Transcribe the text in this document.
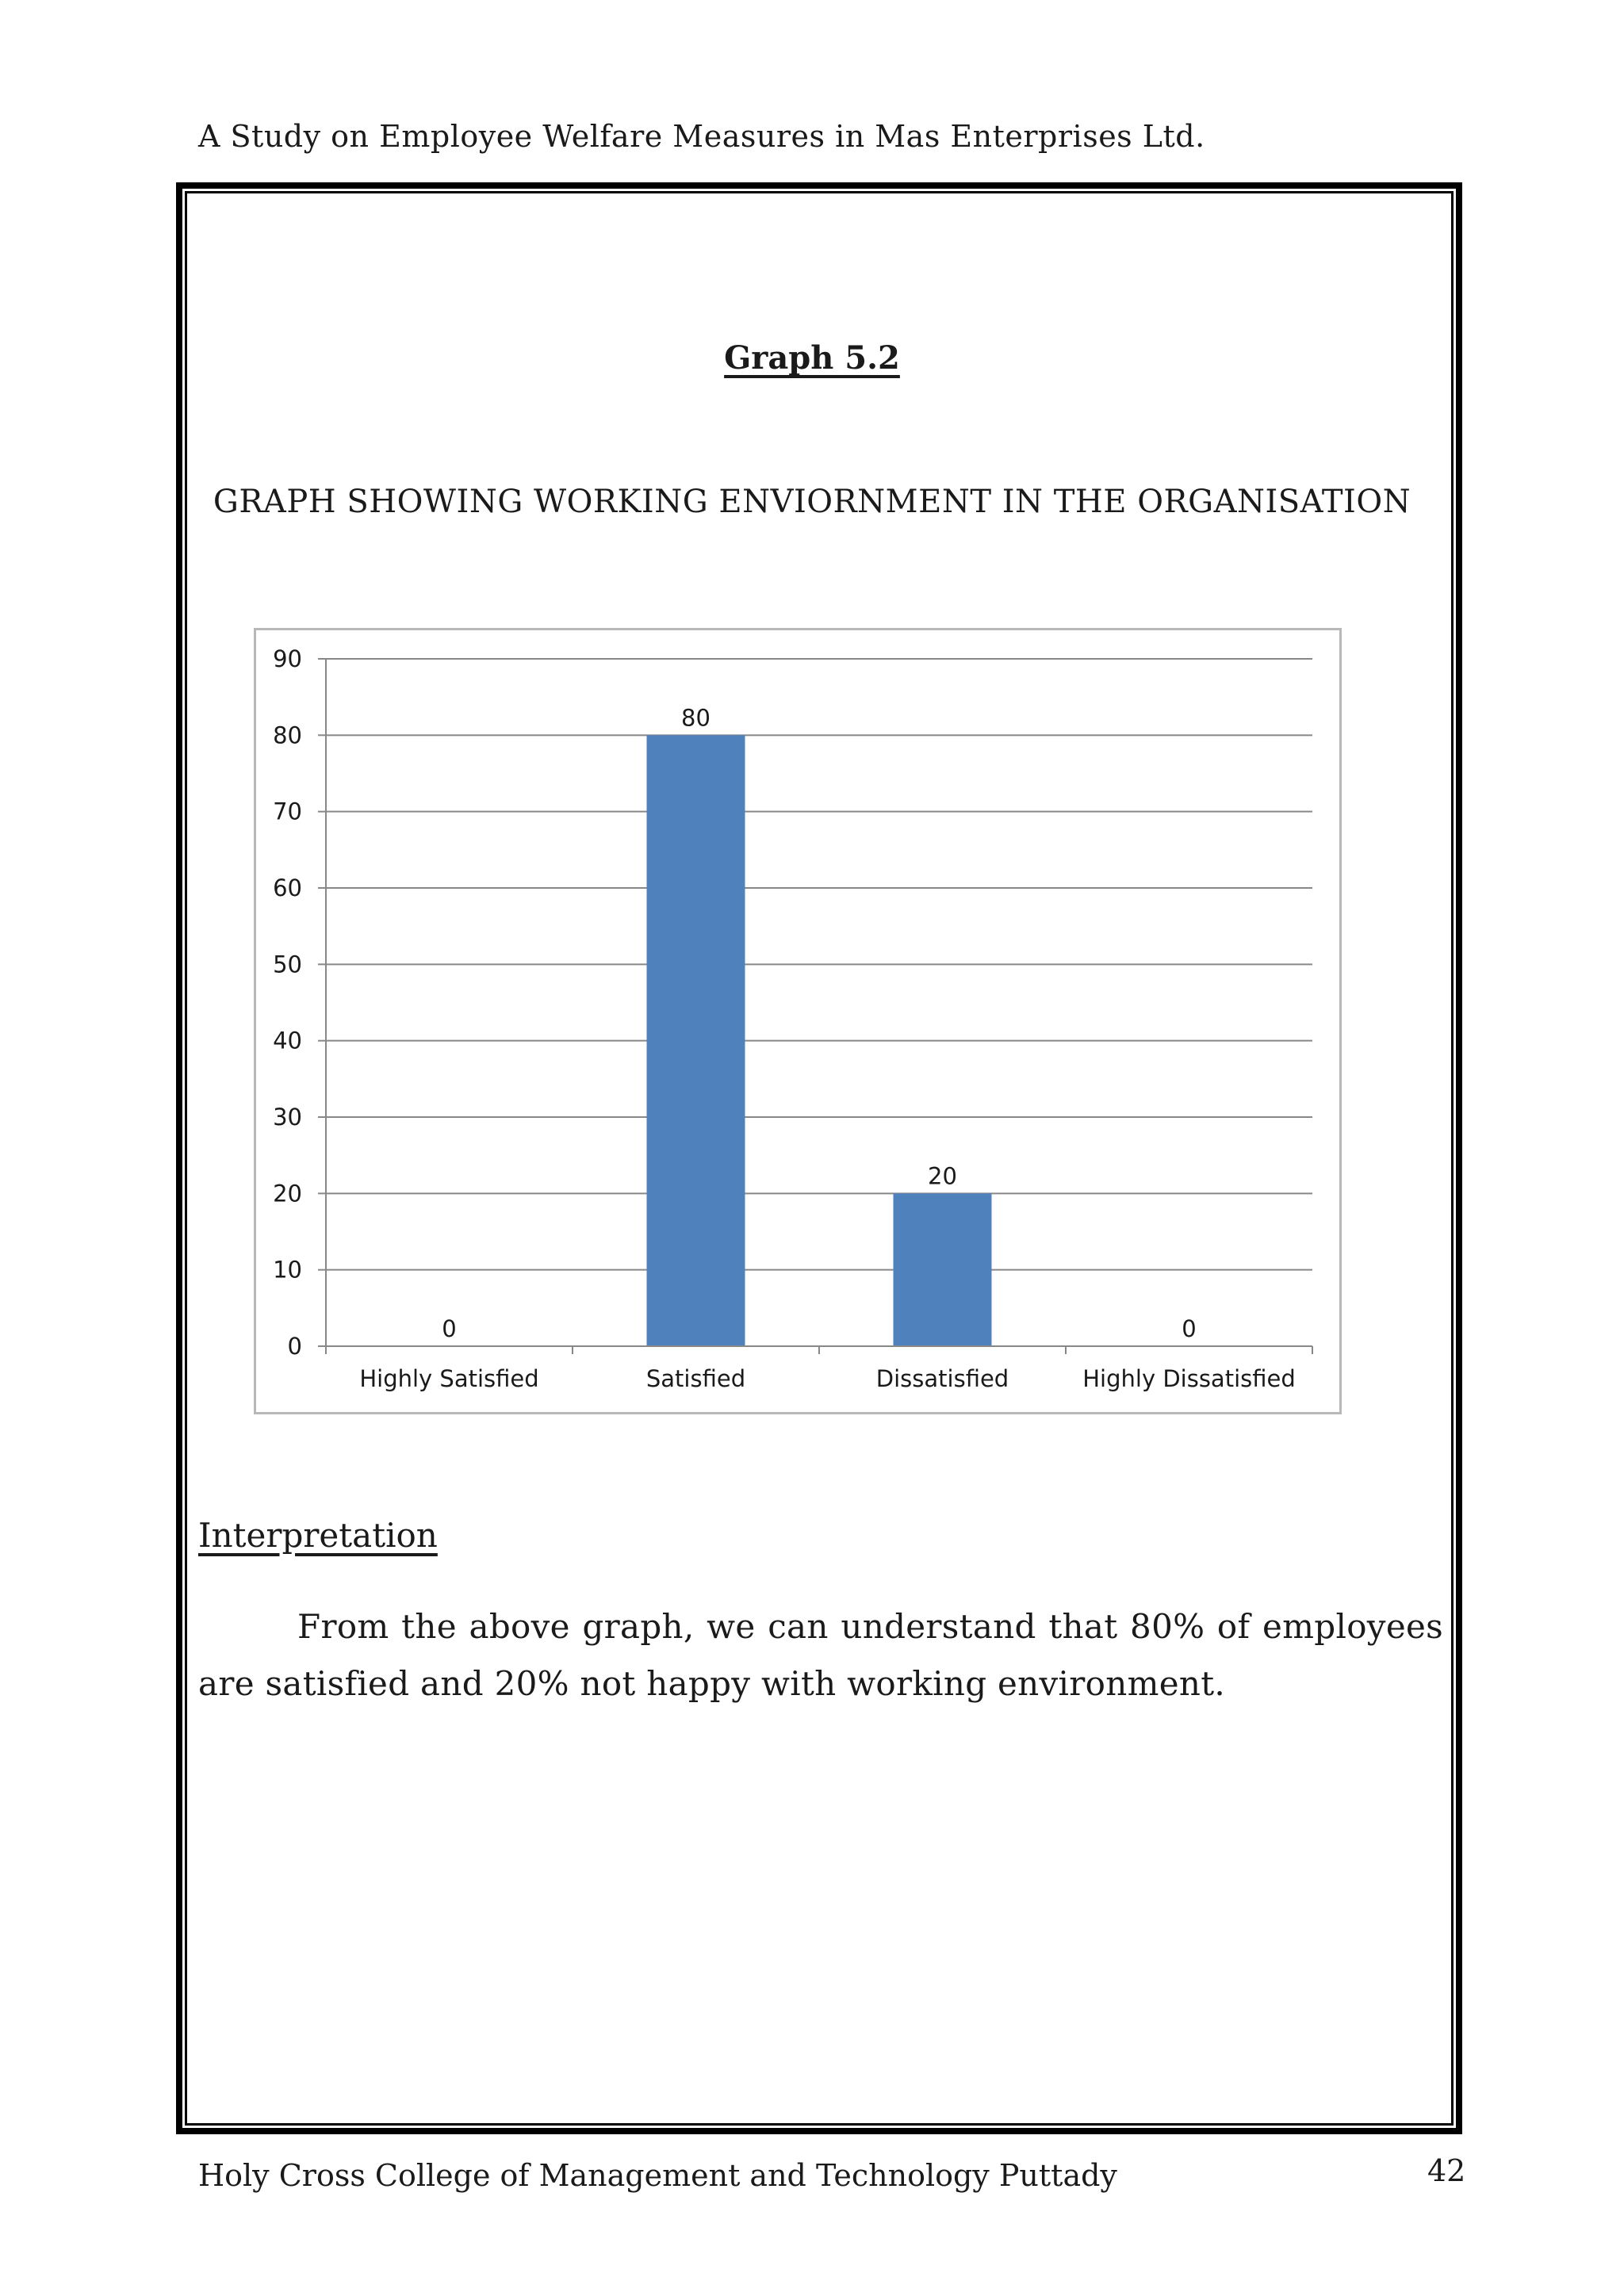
A Study on Employee Welfare Measures in Mas Enterprises Ltd.
Graph 5.2
GRAPH SHOWING WORKING ENVIORNMENT IN THE ORGANISATION
0
10
20
30
40
50
60
70
80
90
0
Highly Satisfied
80
Satisfied
20
Dissatisfied
0
Highly Dissatisfied
Interpretation
From the above graph, we can understand that 80% of employees are satisfied and 20% not happy with working environment.
Holy Cross College of Management and Technology Puttady	42
